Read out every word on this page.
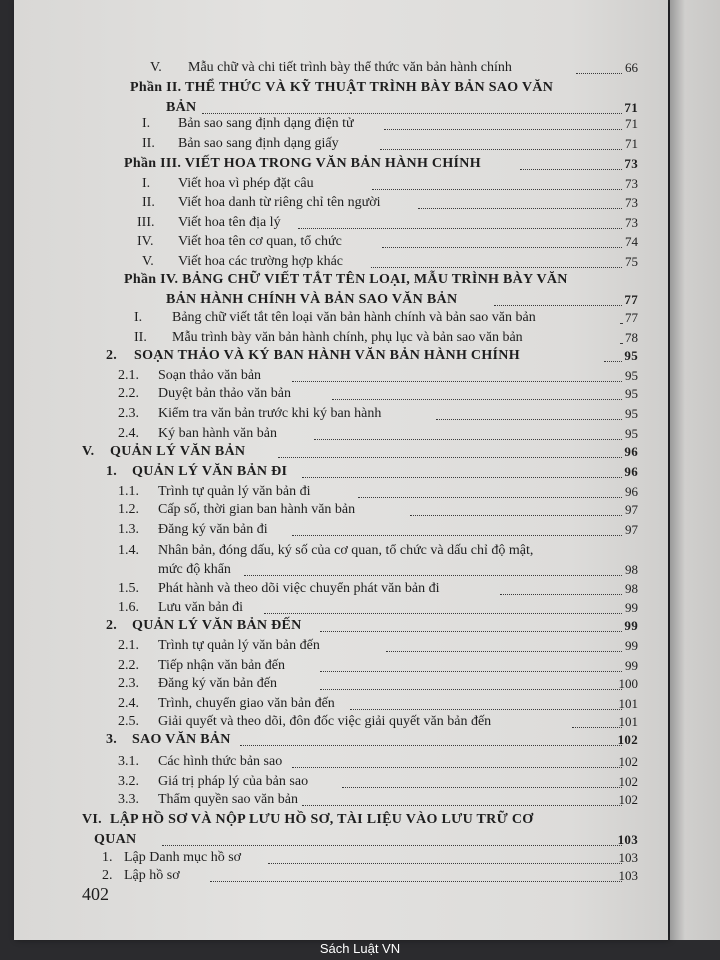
V. Mẫu chữ và chi tiết trình bày thể thức văn bản hành chính	66
Phần II. THỂ THỨC VÀ KỸ THUẬT TRÌNH BÀY BẢN SAO VĂN
BẢN	71
I. Bản sao sang định dạng điện tử	71
II. Bản sao sang định dạng giấy	71
Phần III. VIẾT HOA TRONG VĂN BẢN HÀNH CHÍNH	73
I. Viết hoa vì phép đặt câu	73
II. Viết hoa danh từ riêng chỉ tên người	73
III. Viết hoa tên địa lý	73
IV. Viết hoa tên cơ quan, tổ chức	74
V. Viết hoa các trường hợp khác	75
Phần IV. BẢNG CHỮ VIẾT TẮT TÊN LOẠI, MẪU TRÌNH BÀY VĂN
BẢN HÀNH CHÍNH VÀ BẢN SAO VĂN BẢN	77
I. Bảng chữ viết tắt tên loại văn bản hành chính và bản sao văn bản	77
II. Mẫu trình bày văn bản hành chính, phụ lục và bản sao văn bản	78
2. SOẠN THẢO VÀ KÝ BAN HÀNH VĂN BẢN HÀNH CHÍNH	95
2.1. Soạn thảo văn bản	95
2.2. Duyệt bản thảo văn bản	95
2.3. Kiểm tra văn bản trước khi ký ban hành	95
2.4. Ký ban hành văn bản	95
V. QUẢN LÝ VĂN BẢN	96
1. QUẢN LÝ VĂN BẢN ĐI	96
1.1. Trình tự quản lý văn bản đi	96
1.2. Cấp số, thời gian ban hành văn bản	97
1.3. Đăng ký văn bản đi	97
1.4. Nhân bản, đóng dấu, ký số của cơ quan, tổ chức và dấu chỉ độ mật,
mức độ khẩn	98
1.5. Phát hành và theo dõi việc chuyển phát văn bản đi	98
1.6. Lưu văn bản đi	99
2. QUẢN LÝ VĂN BẢN ĐẾN	99
2.1. Trình tự quản lý văn bản đến	99
2.2. Tiếp nhận văn bản đến	99
2.3. Đăng ký văn bản đến	100
2.4. Trình, chuyển giao văn bản đến	101
2.5. Giải quyết và theo dõi, đôn đốc việc giải quyết văn bản đến	101
3. SAO VĂN BẢN	102
3.1. Các hình thức bản sao	102
3.2. Giá trị pháp lý của bản sao	102
3.3. Thẩm quyền sao văn bản	102
VI. LẬP HỒ SƠ VÀ NỘP LƯU HỒ SƠ, TÀI LIỆU VÀO LƯU TRỮ CƠ
QUAN	103
1. Lập Danh mục hồ sơ	103
2. Lập hồ sơ	103
402
Sách Luật VN
